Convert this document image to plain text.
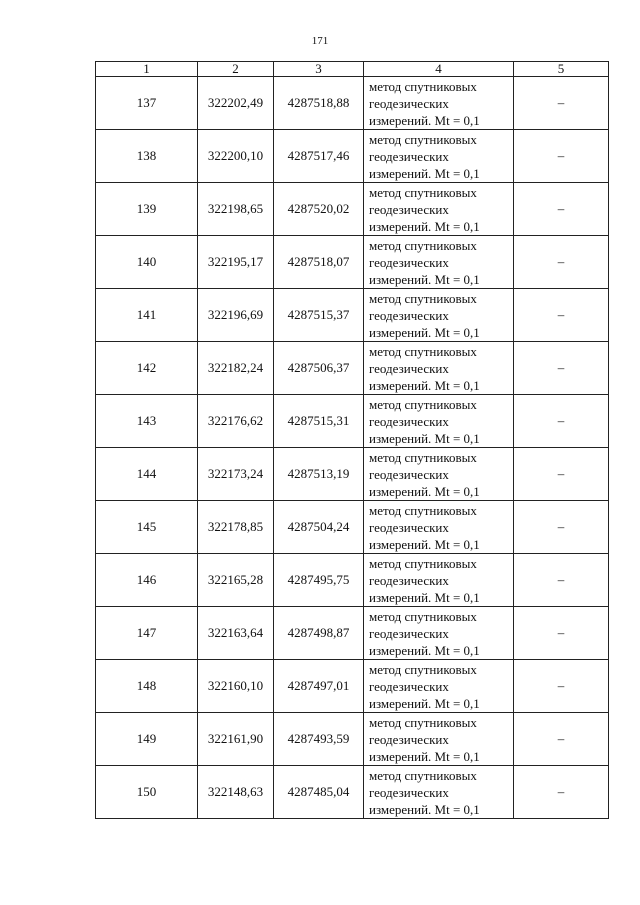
171
1	2	3	4	5
137	322202,49	4287518,88	метод спутниковых
геодезических
измерений. Mt = 0,1	–
138	322200,10	4287517,46	метод спутниковых
геодезических
измерений. Mt = 0,1	–
139	322198,65	4287520,02	метод спутниковых
геодезических
измерений. Mt = 0,1	–
140	322195,17	4287518,07	метод спутниковых
геодезических
измерений. Mt = 0,1	–
141	322196,69	4287515,37	метод спутниковых
геодезических
измерений. Mt = 0,1	–
142	322182,24	4287506,37	метод спутниковых
геодезических
измерений. Mt = 0,1	–
143	322176,62	4287515,31	метод спутниковых
геодезических
измерений. Mt = 0,1	–
144	322173,24	4287513,19	метод спутниковых
геодезических
измерений. Mt = 0,1	–
145	322178,85	4287504,24	метод спутниковых
геодезических
измерений. Mt = 0,1	–
146	322165,28	4287495,75	метод спутниковых
геодезических
измерений. Mt = 0,1	–
147	322163,64	4287498,87	метод спутниковых
геодезических
измерений. Mt = 0,1	–
148	322160,10	4287497,01	метод спутниковых
геодезических
измерений. Mt = 0,1	–
149	322161,90	4287493,59	метод спутниковых
геодезических
измерений. Mt = 0,1	–
150	322148,63	4287485,04	метод спутниковых
геодезических
измерений. Mt = 0,1	–
